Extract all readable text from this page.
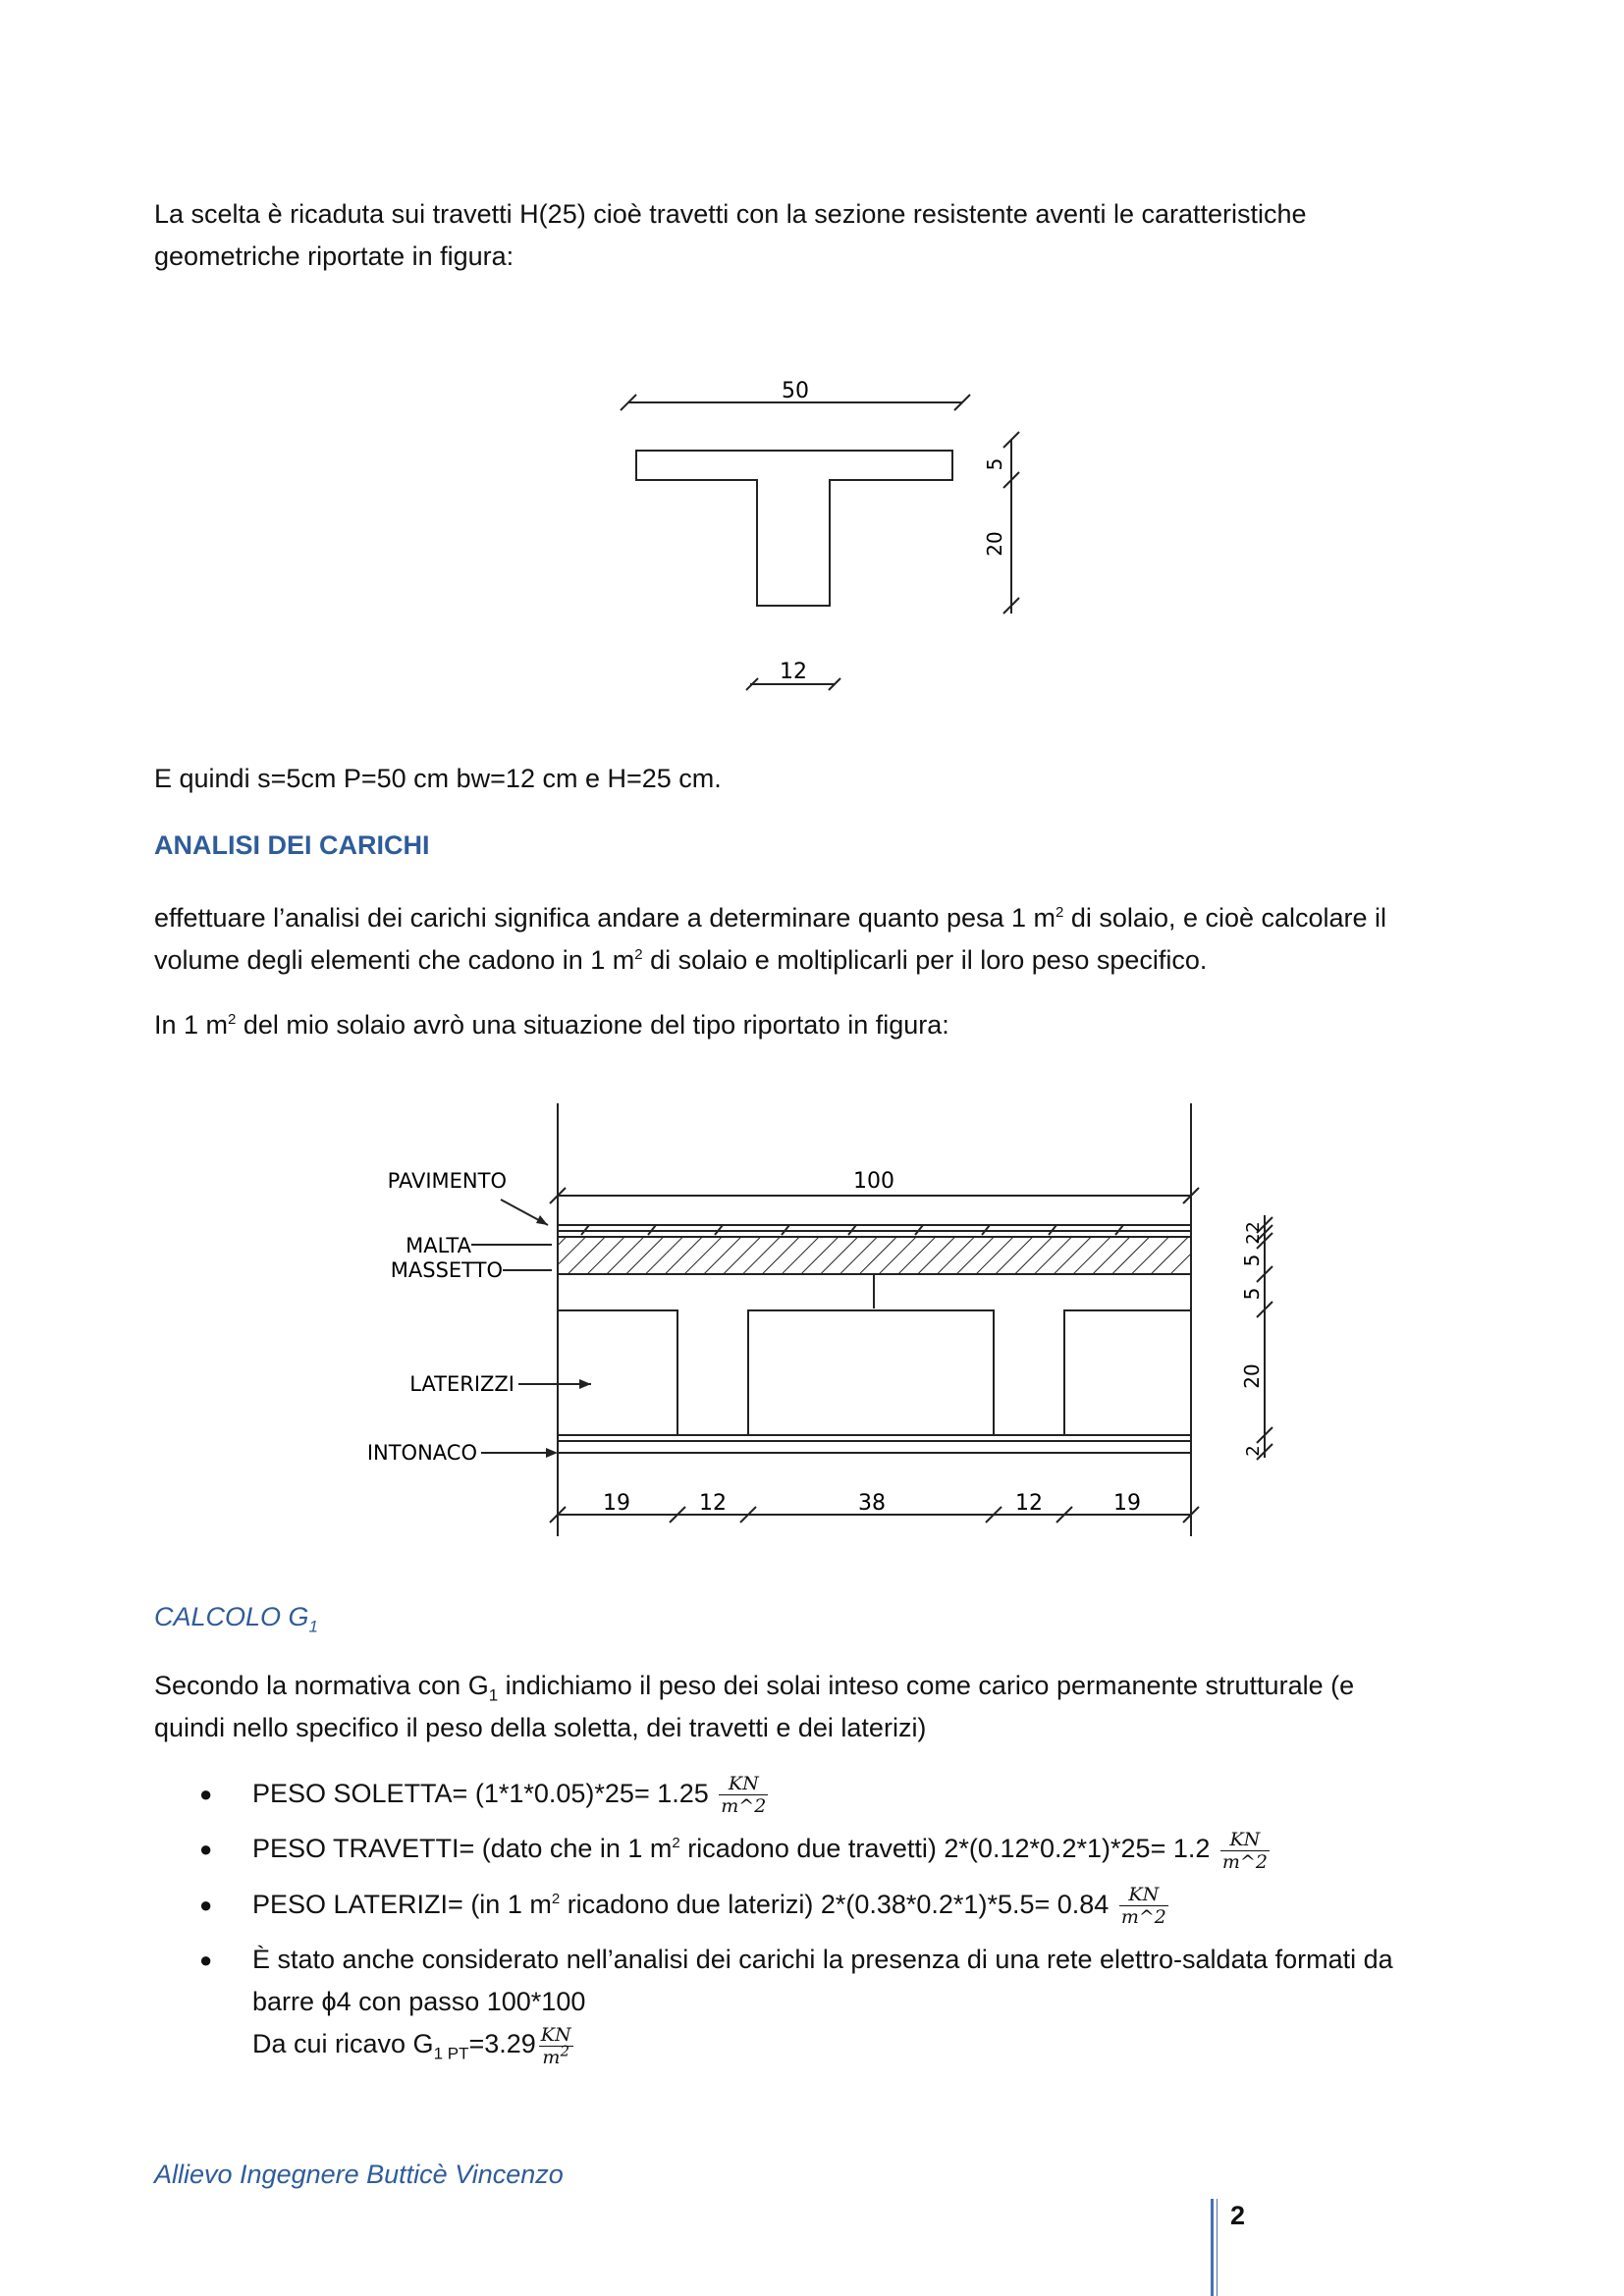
La scelta è ricaduta sui travetti H(25) cioè travetti con la sezione resistente aventi le caratteristiche
geometriche riportate in figura:
50
5
20
12
E quindi s=5cm P=50 cm bw=12 cm e H=25 cm.
ANALISI DEI CARICHI
effettuare l’analisi dei carichi significa andare a determinare quanto pesa 1 $m^2$ di solaio, e cioè calcolare il
volume degli elementi che cadono in 1 $m^2$ di solaio e moltiplicarli per il loro peso specifico.
In 1 $m^2$ del mio solaio avrò una situazione del tipo riportato in figura:
PAVIMENTO
MALTA
MASSETTO
LATERIZZI
INTONACO
100
19	12	38	12	19
2
2
5
5
20
2
CALCOLO $G_1$
Secondo la normativa con $G_1$ indichiamo il peso dei solai inteso come carico permanente strutturale (e
quindi nello specifico il peso della soletta, dei travetti e dei laterizi)
● PESO SOLETTA= $(1*1*0.05)*25= 1.25 \frac{KN}{m\^{}2}$
● PESO TRAVETTI= (dato che in 1 $m^2$ ricadono due travetti) $2*(0.12*0.2*1)*25= 1.2 \frac{KN}{m\^{}2}$
● PESO LATERIZI= (in 1 $m^2$ ricadono due laterizi) $2*(0.38*0.2*1)*5.5= 0.84 \frac{KN}{m\^{}2}$
● È stato anche considerato nell’analisi dei carichi la presenza di una rete elettro-saldata formati da
barre ϕ4 con passo 100*100
Da cui ricavo $G_{1 PT}=3.29 \frac{KN}{m^2}$
Allievo Ingegnere Butticè Vincenzo
2
